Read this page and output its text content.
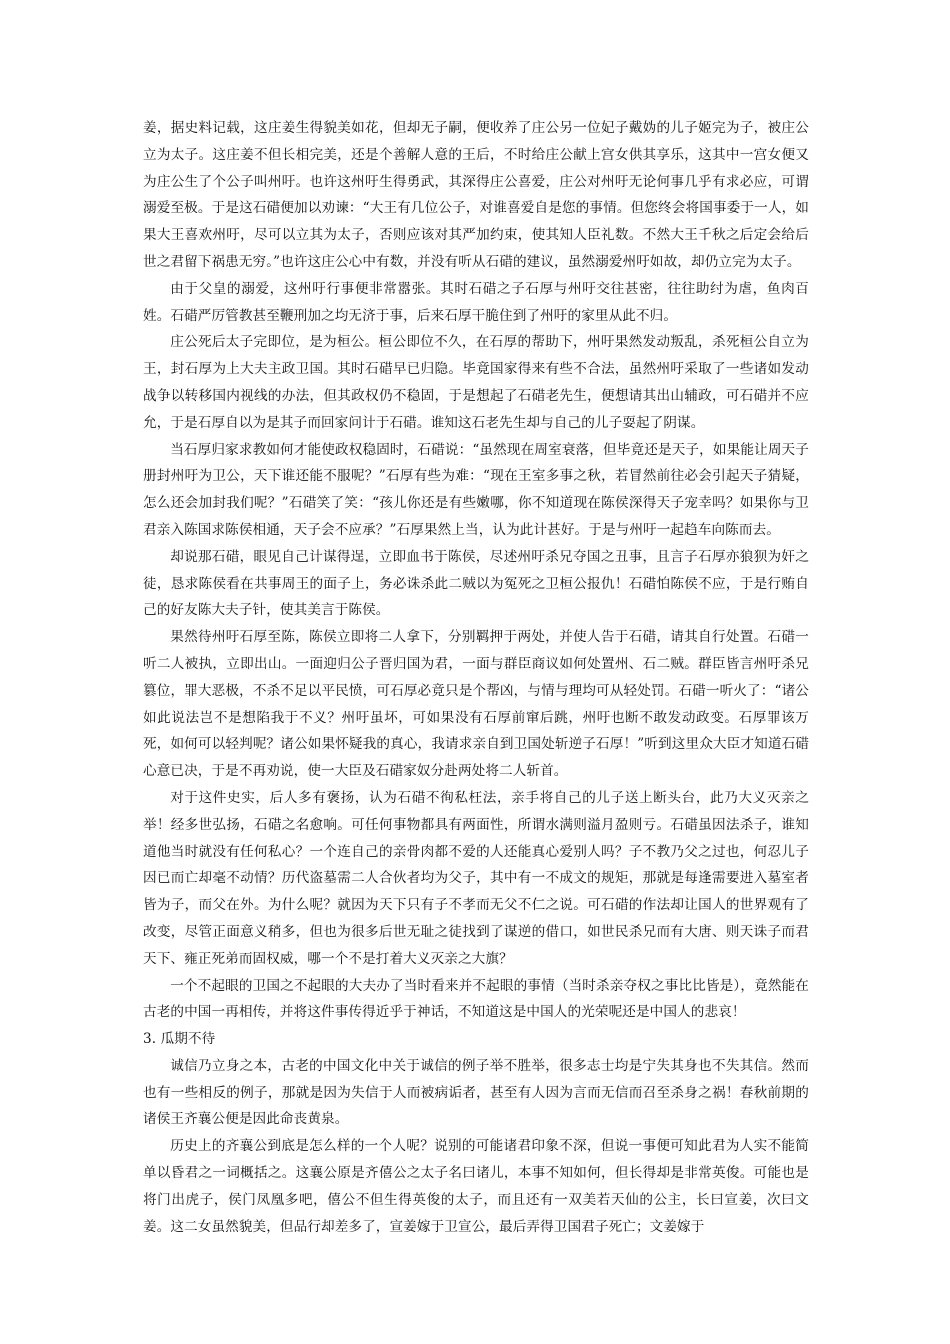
姜，据史料记载，这庄姜生得貌美如花，但却无子嗣，便收养了庄公另一位妃子戴妫的儿子姬完为子，被庄公立为太子。这庄姜不但长相完美，还是个善解人意的王后，不时给庄公献上宫女供其享乐，这其中一宫女便又为庄公生了个公子叫州吁。也许这州吁生得勇武，其深得庄公喜爱，庄公对州吁无论何事几乎有求必应，可谓溺爱至极。于是这石碏便加以劝谏：“大王有几位公子，对谁喜爱自是您的事情。但您终会将国事委于一人，如果大王喜欢州吁，尽可以立其为太子，否则应该对其严加约束，使其知人臣礼数。不然大王千秋之后定会给后世之君留下祸患无穷。”也许这庄公心中有数，并没有听从石碏的建议，虽然溺爱州吁如故，却仍立完为太子。

由于父皇的溺爱，这州吁行事便非常嚣张。其时石碏之子石厚与州吁交往甚密，往往助纣为虐，鱼肉百姓。石碏严厉管教甚至鞭刑加之均无济于事，后来石厚干脆住到了州吁的家里从此不归。

庄公死后太子完即位，是为桓公。桓公即位不久，在石厚的帮助下，州吁果然发动叛乱，杀死桓公自立为王，封石厚为上大夫主政卫国。其时石碏早已归隐。毕竟国家得来有些不合法，虽然州吁采取了一些诸如发动战争以转移国内视线的办法，但其政权仍不稳固，于是想起了石碏老先生，便想请其出山辅政，可石碏并不应允，于是石厚自以为是其子而回家问计于石碏。谁知这石老先生却与自己的儿子耍起了阴谋。

当石厚归家求教如何才能使政权稳固时，石碏说：“虽然现在周室衰落，但毕竟还是天子，如果能让周天子册封州吁为卫公，天下谁还能不服呢？”石厚有些为难：“现在王室多事之秋，若冒然前往必会引起天子猜疑，怎么还会加封我们呢？”石碏笑了笑：“孩儿你还是有些嫩哪，你不知道现在陈侯深得天子宠幸吗？如果你与卫君亲入陈国求陈侯相通，天子会不应承？”石厚果然上当，认为此计甚好。于是与州吁一起趋车向陈而去。

却说那石碏，眼见自己计谋得逞，立即血书于陈侯，尽述州吁杀兄夺国之丑事，且言子石厚亦狼狈为奸之徒，恳求陈侯看在共事周王的面子上，务必诛杀此二贼以为冤死之卫桓公报仇！石碏怕陈侯不应，于是行贿自己的好友陈大夫子针，使其美言于陈侯。

果然待州吁石厚至陈，陈侯立即将二人拿下，分别羁押于两处，并使人告于石碏，请其自行处置。石碏一听二人被执，立即出山。一面迎归公子晋归国为君，一面与群臣商议如何处置州、石二贼。群臣皆言州吁杀兄篡位，罪大恶极，不杀不足以平民愤，可石厚必竟只是个帮凶，与情与理均可从轻处罚。石碏一听火了：“诸公如此说法岂不是想陷我于不义？州吁虽坏，可如果没有石厚前窜后跳，州吁也断不敢发动政变。石厚罪该万死，如何可以轻判呢？诸公如果怀疑我的真心，我请求亲自到卫国处斩逆子石厚！”听到这里众大臣才知道石碏心意已决，于是不再劝说，使一大臣及石碏家奴分赴两处将二人斩首。

对于这件史实，后人多有褒扬，认为石碏不徇私枉法，亲手将自己的儿子送上断头台，此乃大义灭亲之举！经多世弘扬，石碏之名愈响。可任何事物都具有两面性，所谓水满则溢月盈则亏。石碏虽因法杀子，谁知道他当时就没有任何私心？一个连自己的亲骨肉都不爱的人还能真心爱别人吗？子不教乃父之过也，何忍儿子因已而亡却毫不动情？历代盗墓需二人合伙者均为父子，其中有一不成文的规矩，那就是每逢需要进入墓室者皆为子，而父在外。为什么呢？就因为天下只有子不孝而无父不仁之说。可石碏的作法却让国人的世界观有了改变，尽管正面意义稍多，但也为很多后世无耻之徒找到了谋逆的借口，如世民杀兄而有大唐、则天诛子而君天下、雍正死弟而固权威，哪一个不是打着大义灭亲之大旗？

一个不起眼的卫国之不起眼的大夫办了当时看来并不起眼的事情（当时杀亲夺权之事比比皆是），竟然能在古老的中国一再相传，并将这件事传得近乎于神话，不知道这是中国人的光荣呢还是中国人的悲哀！

3. 瓜期不待

诚信乃立身之本，古老的中国文化中关于诚信的例子举不胜举，很多志士均是宁失其身也不失其信。然而也有一些相反的例子，那就是因为失信于人而被病诟者，甚至有人因为言而无信而召至杀身之祸！春秋前期的诸侯王齐襄公便是因此命丧黄泉。

历史上的齐襄公到底是怎么样的一个人呢？说别的可能诸君印象不深，但说一事便可知此君为人实不能简单以昏君之一词概括之。这襄公原是齐僖公之太子名曰诸儿，本事不知如何，但长得却是非常英俊。可能也是将门出虎子，侯门凤凰多吧，僖公不但生得英俊的太子，而且还有一双美若天仙的公主，长曰宣姜，次曰文姜。这二女虽然貌美，但品行却差多了，宣姜嫁于卫宣公，最后弄得卫国君子死亡；文姜嫁于
